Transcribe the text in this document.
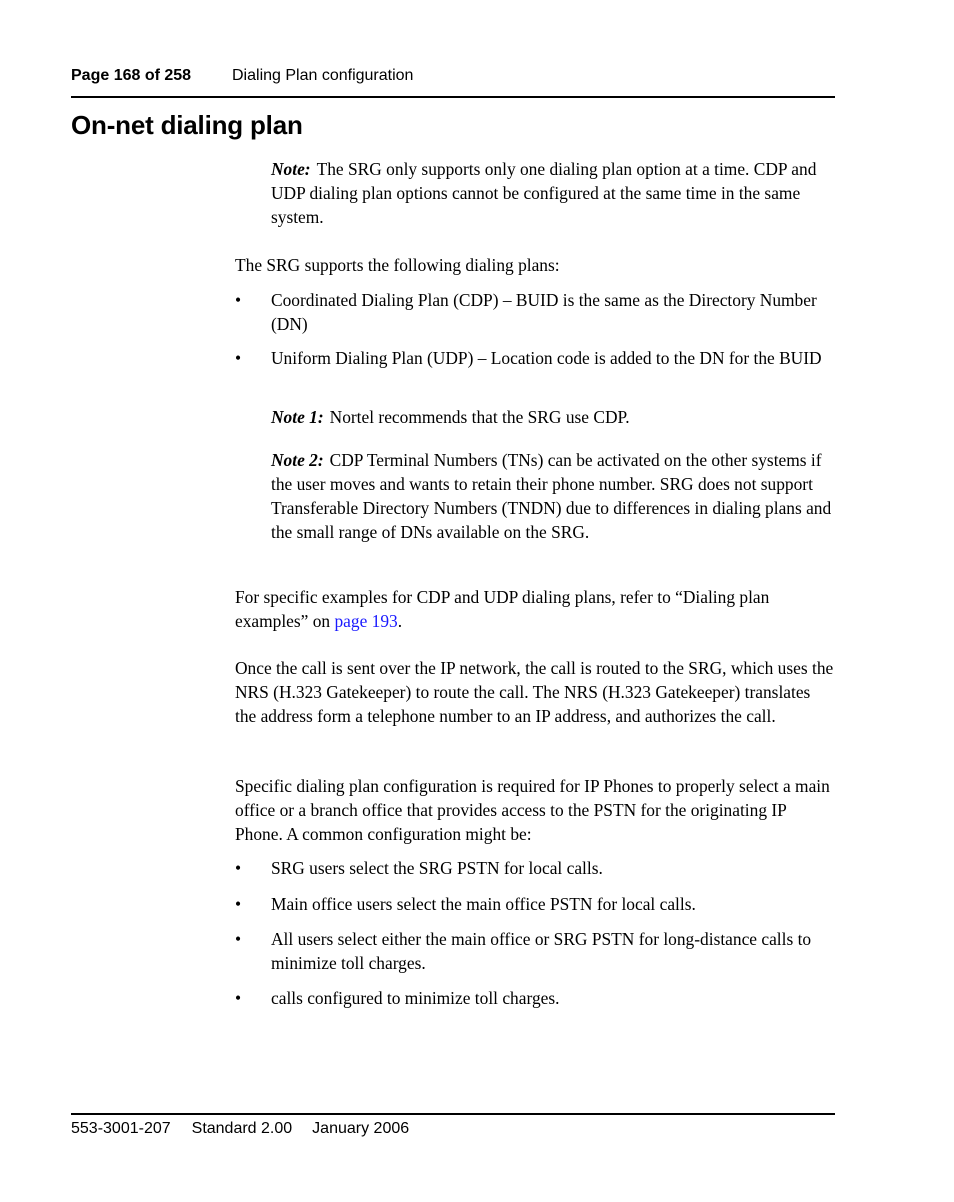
Page 168 of 258	Dialing Plan configuration
On-net dialing plan
Note: The SRG only supports only one dialing plan option at a time. CDP and UDP dialing plan options cannot be configured at the same time in the same system.
The SRG supports the following dialing plans:
• Coordinated Dialing Plan (CDP) – BUID is the same as the Directory Number (DN)
• Uniform Dialing Plan (UDP) – Location code is added to the DN for the BUID
Note 1: Nortel recommends that the SRG use CDP.
Note 2: CDP Terminal Numbers (TNs) can be activated on the other systems if the user moves and wants to retain their phone number. SRG does not support Transferable Directory Numbers (TNDN) due to differences in dialing plans and the small range of DNs available on the SRG.
For specific examples for CDP and UDP dialing plans, refer to “Dialing plan examples” on page 193.
Once the call is sent over the IP network, the call is routed to the SRG, which uses the NRS (H.323 Gatekeeper) to route the call. The NRS (H.323 Gatekeeper) translates the address form a telephone number to an IP address, and authorizes the call.
Specific dialing plan configuration is required for IP Phones to properly select a main office or a branch office that provides access to the PSTN for the originating IP Phone. A common configuration might be:
• SRG users select the SRG PSTN for local calls.
• Main office users select the main office PSTN for local calls.
• All users select either the main office or SRG PSTN for long-distance calls to minimize toll charges.
• calls configured to minimize toll charges.
553-3001-207 Standard 2.00 January 2006
